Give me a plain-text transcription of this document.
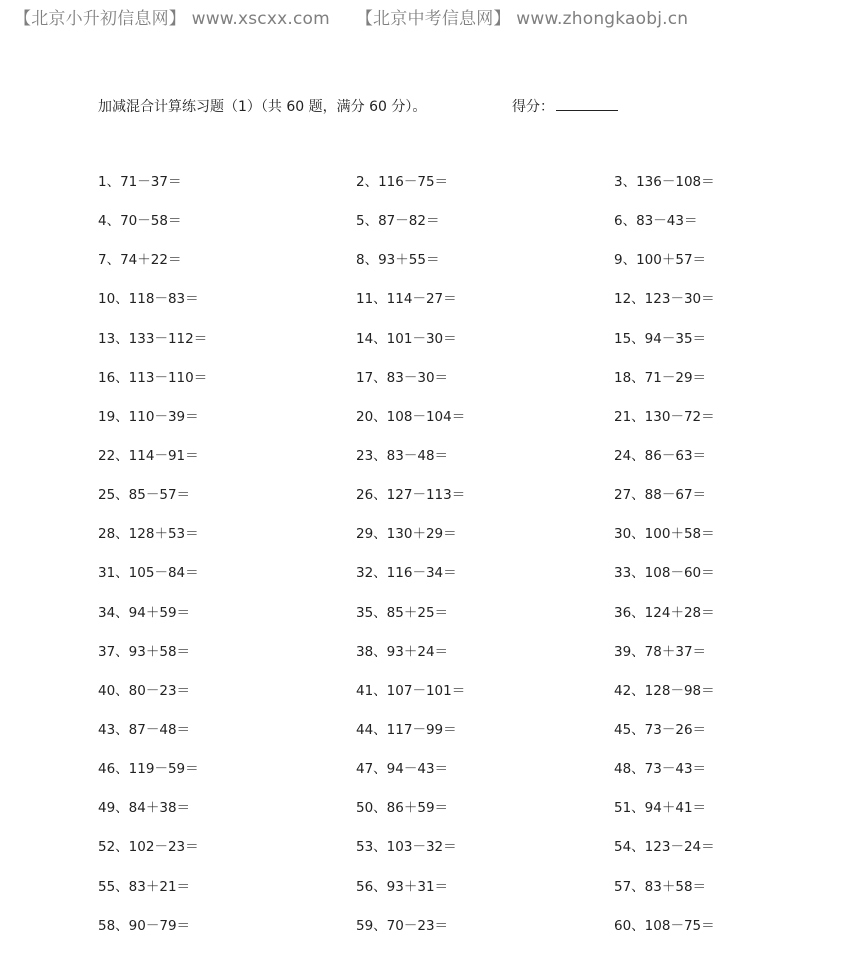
【北京小升初信息网】 www.xscxx.com 【北京中考信息网】 www.zhongkaobj.cn
加减混合计算练习题（1）（共 60 题，满分 60 分）。	得分：
1、71－37＝	2、116－75＝	3、136－108＝
4、70－58＝	5、87－82＝	6、83－43＝
7、74＋22＝	8、93＋55＝	9、100＋57＝
10、118－83＝	11、114－27＝	12、123－30＝
13、133－112＝	14、101－30＝	15、94－35＝
16、113－110＝	17、83－30＝	18、71－29＝
19、110－39＝	20、108－104＝	21、130－72＝
22、114－91＝	23、83－48＝	24、86－63＝
25、85－57＝	26、127－113＝	27、88－67＝
28、128＋53＝	29、130＋29＝	30、100＋58＝
31、105－84＝	32、116－34＝	33、108－60＝
34、94＋59＝	35、85＋25＝	36、124＋28＝
37、93＋58＝	38、93＋24＝	39、78＋37＝
40、80－23＝	41、107－101＝	42、128－98＝
43、87－48＝	44、117－99＝	45、73－26＝
46、119－59＝	47、94－43＝	48、73－43＝
49、84＋38＝	50、86＋59＝	51、94＋41＝
52、102－23＝	53、103－32＝	54、123－24＝
55、83＋21＝	56、93＋31＝	57、83＋58＝
58、90－79＝	59、70－23＝	60、108－75＝
